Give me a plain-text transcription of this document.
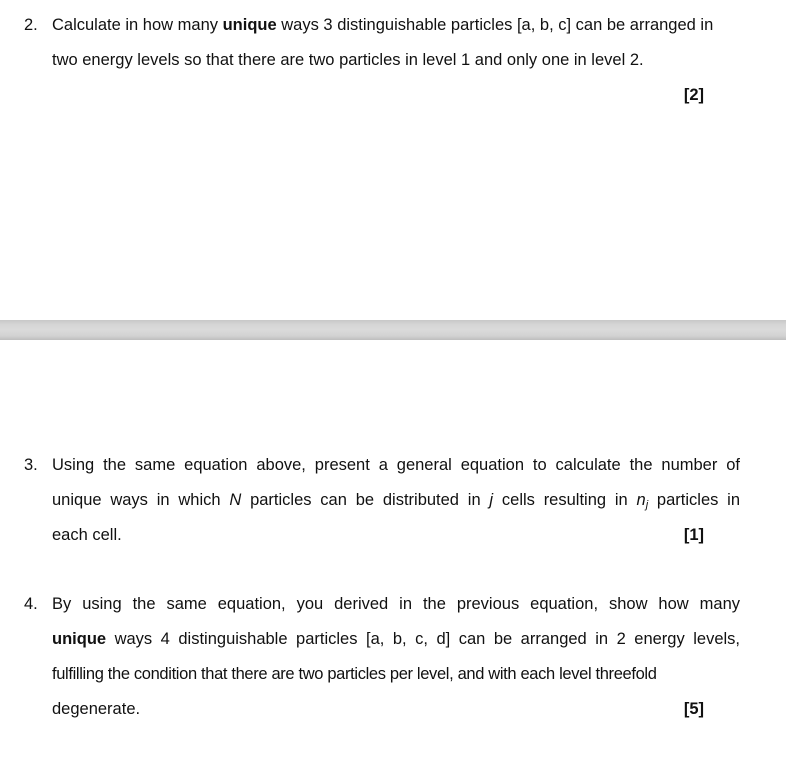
2. Calculate in how many unique ways 3 distinguishable particles [a, b, c] can be arranged in
two energy levels so that there are two particles in level 1 and only one in level 2.
[2]
3. Using the same equation above, present a general equation to calculate the number of
unique ways in which N particles can be distributed in j cells resulting in $n_j$ particles in
each cell.	[1]
4. By using the same equation, you derived in the previous equation, show how many
unique ways 4 distinguishable particles [a, b, c, d] can be arranged in 2 energy levels,
fulfilling the condition that there are two particles per level, and with each level threefold
degenerate.	[5]
